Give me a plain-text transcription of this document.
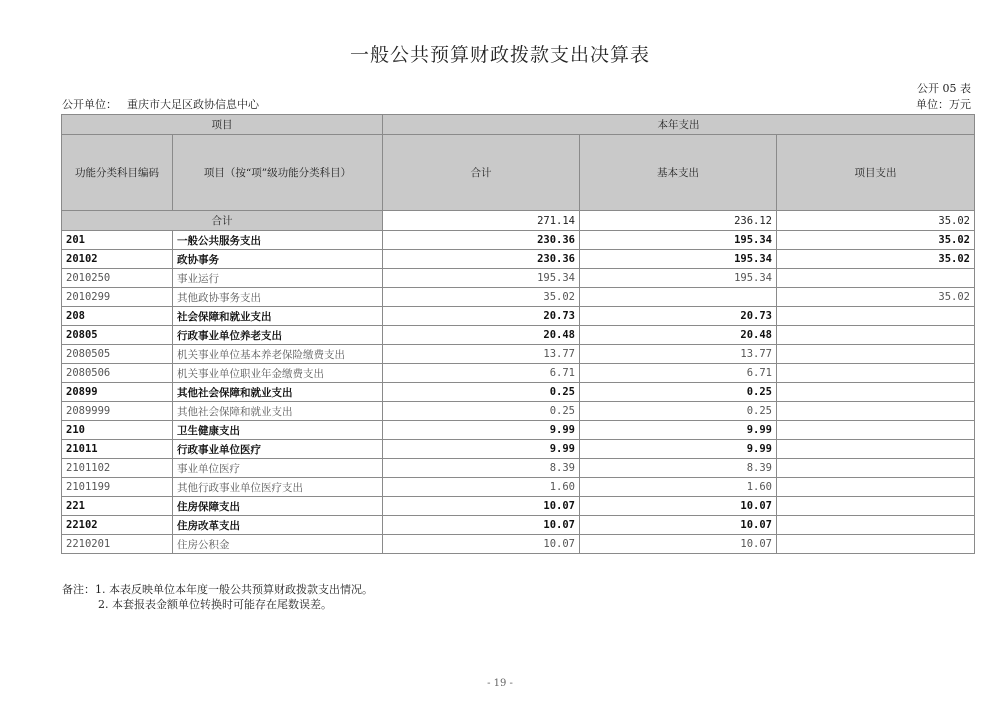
一般公共预算财政拨款支出决算表
公开 05 表
公开单位： 重庆市大足区政协信息中心	单位：万元
项目		本年支出		
功能分类科目编码	项目（按“项”级功能分类科目）	合计	基本支出	项目支出
合计		271.14	236.12	35.02
201	一般公共服务支出	230.36	195.34	35.02
20102	政协事务	230.36	195.34	35.02
2010250	事业运行	195.34	195.34	
2010299	其他政协事务支出	35.02		35.02
208	社会保障和就业支出	20.73	20.73	
20805	行政事业单位养老支出	20.48	20.48	
2080505	机关事业单位基本养老保险缴费支出	13.77	13.77	
2080506	机关事业单位职业年金缴费支出	6.71	6.71	
20899	其他社会保障和就业支出	0.25	0.25	
2089999	其他社会保障和就业支出	0.25	0.25	
210	卫生健康支出	9.99	9.99	
21011	行政事业单位医疗	9.99	9.99	
2101102	事业单位医疗	8.39	8.39	
2101199	其他行政事业单位医疗支出	1.60	1.60	
221	住房保障支出	10.07	10.07	
22102	住房改革支出	10.07	10.07	
2210201	住房公积金	10.07	10.07	
备注：1. 本表反映单位本年度一般公共预算财政拨款支出情况。
2. 本套报表金额单位转换时可能存在尾数误差。
- 19 -
